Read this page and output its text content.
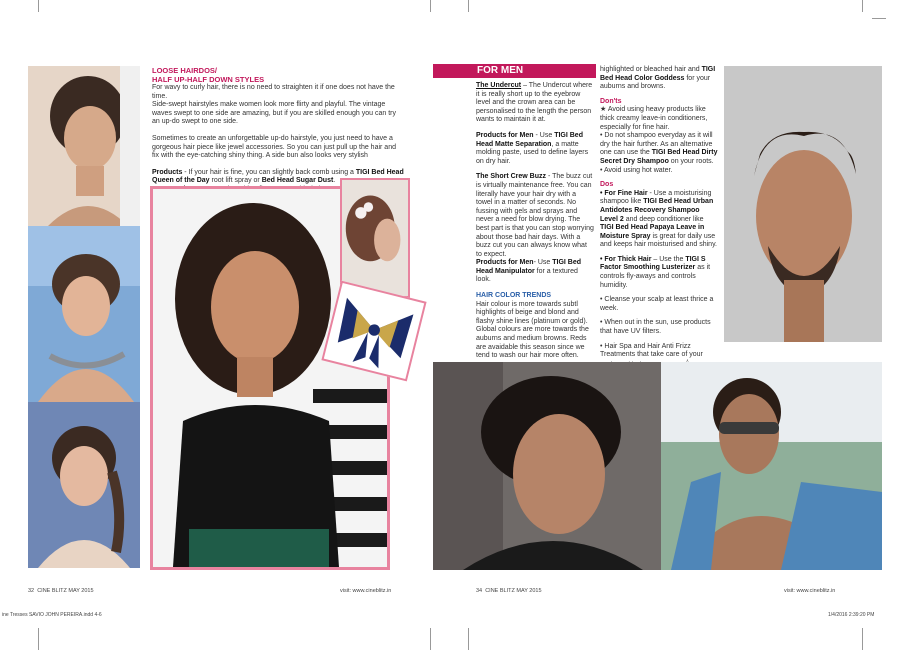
LOOSE HAIRDOS/
HALF UP-HALF DOWN STYLES
For wavy to curly hair, there is no need to straighten it if one does not have the time.

Side-swept hairstyles make women look more flirty and playful. The vintage waves swept to one side are amazing, but if you are skilled enough you can try an up-do swept to one side.

Sometimes to create an unforgettable up-do hairstyle, you just need to have a gorgeous hair piece like jewel accessories. So you can just pull up the hair and fix with the eye-catching shiny thing. A side bun also looks very stylish

Products - If your hair is fine, you can slightly back comb using a TIGI Bed Head Queen of the Day root lift spray or Bed Head Sugar Dust.

32 CINE BLITZ MAY 2015	visit: www.cineblitz.in
FOR MEN

The Undercut – The Undercut where it is really short up to the eyebrow level and the crown area can be personalised to the length the person wants to maintain it at.

Products for Men - Use TIGI Bed Head Matte Separation, a matte molding paste, used to define layers on dry hair.

The Short Crew Buzz - The buzz cut is virtually maintenance free. You can literally have your hair dry with a towel in a matter of seconds. No fussing with gels and sprays and never a need for blow drying. The best part is that you can stop worrying about those bad hair days. With a buzz cut you can always know what to expect.

Products for Men- Use TIGI Bed Head Manipulator for a textured look.

HAIR COLOR TRENDS

Hair colour is more towards subtl highlights of beige and blond and flashy shine lines (platinum or gold). Global colours are more towards the auburns and medium browns. Reds are avaidable this season since we tend to wash our hair more often.

highlighted or bleached hair and TIGI Bed Head Color Goddess for your auburns and browns.

Don'ts
★ Avoid using heavy products like thick creamy leave-in conditioners, especially for fine hair.
• Do not shampoo everyday as it will dry the hair further. As an alternative one can use the TIGI Bed Head Dirty Secret Dry Shampoo on your roots.

• Avoid using hot water.

Dos

• For Fine Hair - Use a moisturising shampoo like TIGI Bed Head Urban Antidotes Recovery Shampoo Level 2 and deep conditioner like TIGI Bed Head Papaya Leave in Moisture Spray is great for daily use and keeps hair moisturised and shiny.

• For Thick Hair – Use the TIGI S Factor Smoothing Lusterizer as it controls fly-aways and controls humidity.

• Cleanse your scalp at least thrice a week.

• When out in the sun, use products that have UV filters.

• Hair Spa and Hair Anti Frizz Treatments that take care of your

34 CINE BLITZ MAY 2015	visit: www.cineblitz.in
ine Tresses SAVIO JOHN PEREIRA.indd 4-6	1/4/2016 2:39:20 PM
